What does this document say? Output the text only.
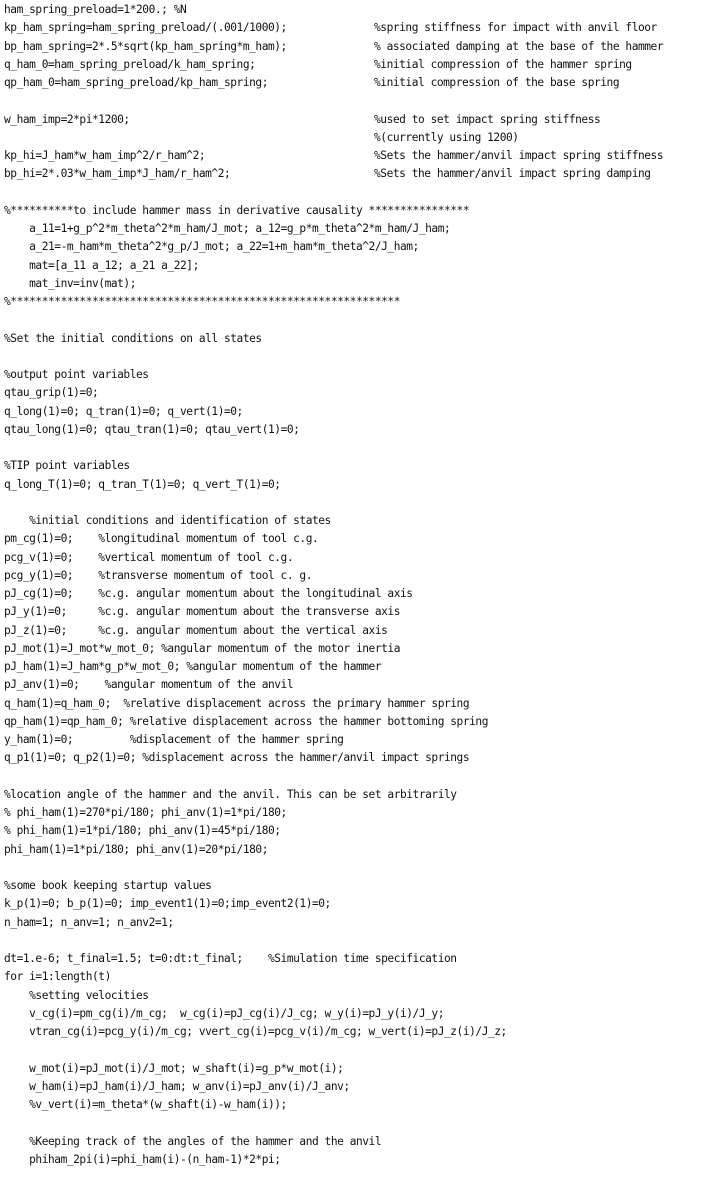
ham_spring_preload=1*200.; %N
kp_ham_spring=ham_spring_preload/(.001/1000);	%spring stiffness for impact with anvil floor
bp_ham_spring=2*.5*sqrt(kp_ham_spring*m_ham);	% associated damping at the base of the hammer
q_ham_0=ham_spring_preload/k_ham_spring;	%initial compression of the hammer spring
qp_ham_0=ham_spring_preload/kp_ham_spring;	%initial compression of the base spring
w_ham_imp=2*pi*1200;	%used to set impact spring stiffness
%(currently using 1200)
kp_hi=J_ham*w_ham_imp^2/r_ham^2;	%Sets the hammer/anvil impact spring stiffness
bp_hi=2*.03*w_ham_imp*J_ham/r_ham^2;	%Sets the hammer/anvil impact spring damping
%**********to include hammer mass in derivative causality ****************
a_11=1+g_p^2*m_theta^2*m_ham/J_mot; a_12=g_p*m_theta^2*m_ham/J_ham;
a_21=-m_ham*m_theta^2*g_p/J_mot; a_22=1+m_ham*m_theta^2/J_ham;
mat=[a_11 a_12; a_21 a_22];
mat_inv=inv(mat);
%**************************************************************
%Set the initial conditions on all states
%output point variables
qtau_grip(1)=0;
q_long(1)=0; q_tran(1)=0; q_vert(1)=0;
qtau_long(1)=0; qtau_tran(1)=0; qtau_vert(1)=0;
%TIP point variables
q_long_T(1)=0; q_tran_T(1)=0; q_vert_T(1)=0;
%initial conditions and identification of states
pm_cg(1)=0;    %longitudinal momentum of tool c.g.
pcg_v(1)=0;    %vertical momentum of tool c.g.
pcg_y(1)=0;    %transverse momentum of tool c. g.
pJ_cg(1)=0;    %c.g. angular momentum about the longitudinal axis
pJ_y(1)=0;     %c.g. angular momentum about the transverse axis
pJ_z(1)=0;     %c.g. angular momentum about the vertical axis
pJ_mot(1)=J_mot*w_mot_0; %angular momentum of the motor inertia
pJ_ham(1)=J_ham*g_p*w_mot_0; %angular momentum of the hammer
pJ_anv(1)=0;    %angular momentum of the anvil
q_ham(1)=q_ham_0;  %relative displacement across the primary hammer spring
qp_ham(1)=qp_ham_0; %relative displacement across the hammer bottoming spring
y_ham(1)=0;         %displacement of the hammer spring
q_p1(1)=0; q_p2(1)=0; %displacement across the hammer/anvil impact springs
%location angle of the hammer and the anvil. This can be set arbitrarily
% phi_ham(1)=270*pi/180; phi_anv(1)=1*pi/180;
% phi_ham(1)=1*pi/180; phi_anv(1)=45*pi/180;
phi_ham(1)=1*pi/180; phi_anv(1)=20*pi/180;
%some book keeping startup values
k_p(1)=0; b_p(1)=0; imp_event1(1)=0;imp_event2(1)=0;
n_ham=1; n_anv=1; n_anv2=1;
dt=1.e-6; t_final=1.5; t=0:dt:t_final;    %Simulation time specification
for i=1:length(t)
%setting velocities
v_cg(i)=pm_cg(i)/m_cg;  w_cg(i)=pJ_cg(i)/J_cg; w_y(i)=pJ_y(i)/J_y;
vtran_cg(i)=pcg_y(i)/m_cg; vvert_cg(i)=pcg_v(i)/m_cg; w_vert(i)=pJ_z(i)/J_z;
w_mot(i)=pJ_mot(i)/J_mot; w_shaft(i)=g_p*w_mot(i);
w_ham(i)=pJ_ham(i)/J_ham; w_anv(i)=pJ_anv(i)/J_anv;
%v_vert(i)=m_theta*(w_shaft(i)-w_ham(i));
%Keeping track of the angles of the hammer and the anvil
phiham_2pi(i)=phi_ham(i)-(n_ham-1)*2*pi;
